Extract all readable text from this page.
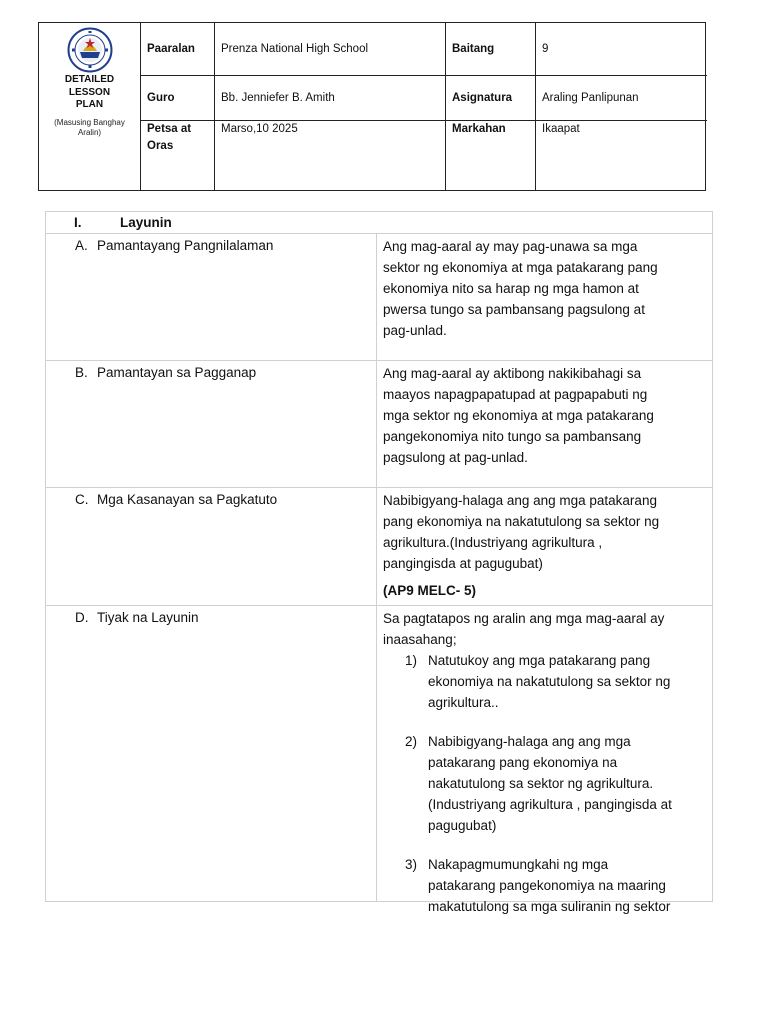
DETAILED
LESSON
PLAN
(Masusing Banghay
Aralin)
Paaralan	Prenza National High School	Baitang	9
Guro	Bb. Jenniefer B. Amith	Asignatura	Araling Panlipunan
Petsa at
Oras
Marso,10 2025	Markahan	Ikaapat
I.	Layunin
A. Pamantayang Pangnilalaman	Ang mag-aaral ay may pag-unawa sa mga
sektor ng ekonomiya at mga patakarang pang
ekonomiya nito sa harap ng mga hamon at
pwersa tungo sa pambansang pagsulong at
pag-unlad.
B. Pamantayan sa Pagganap	Ang mag-aaral ay aktibong nakikibahagi sa
maayos napagpapatupad at pagpapabuti ng
mga sektor ng ekonomiya at mga patakarang
pangekonomiya nito tungo sa pambansang
pagsulong at pag-unlad.
C. Mga Kasanayan sa Pagkatuto	Nabibigyang-halaga ang ang mga patakarang
pang ekonomiya na nakatutulong sa sektor ng
agrikultura.(Industriyang agrikultura ,
pangingisda at pagugubat)
(AP9 MELC- 5)
D. Tiyak na Layunin	Sa pagtatapos ng aralin ang mga mag-aaral ay
inaasahang;
1) Natutukoy ang mga patakarang pang
ekonomiya na nakatutulong sa sektor ng
agrikultura..
2) Nabibigyang-halaga ang ang mga
patakarang pang ekonomiya na
nakatutulong sa sektor ng agrikultura.
(Industriyang agrikultura , pangingisda at
pagugubat)
3) Nakapagmumungkahi ng mga
patakarang pangekonomiya na maaring
makatutulong sa mga suliranin ng sektor
